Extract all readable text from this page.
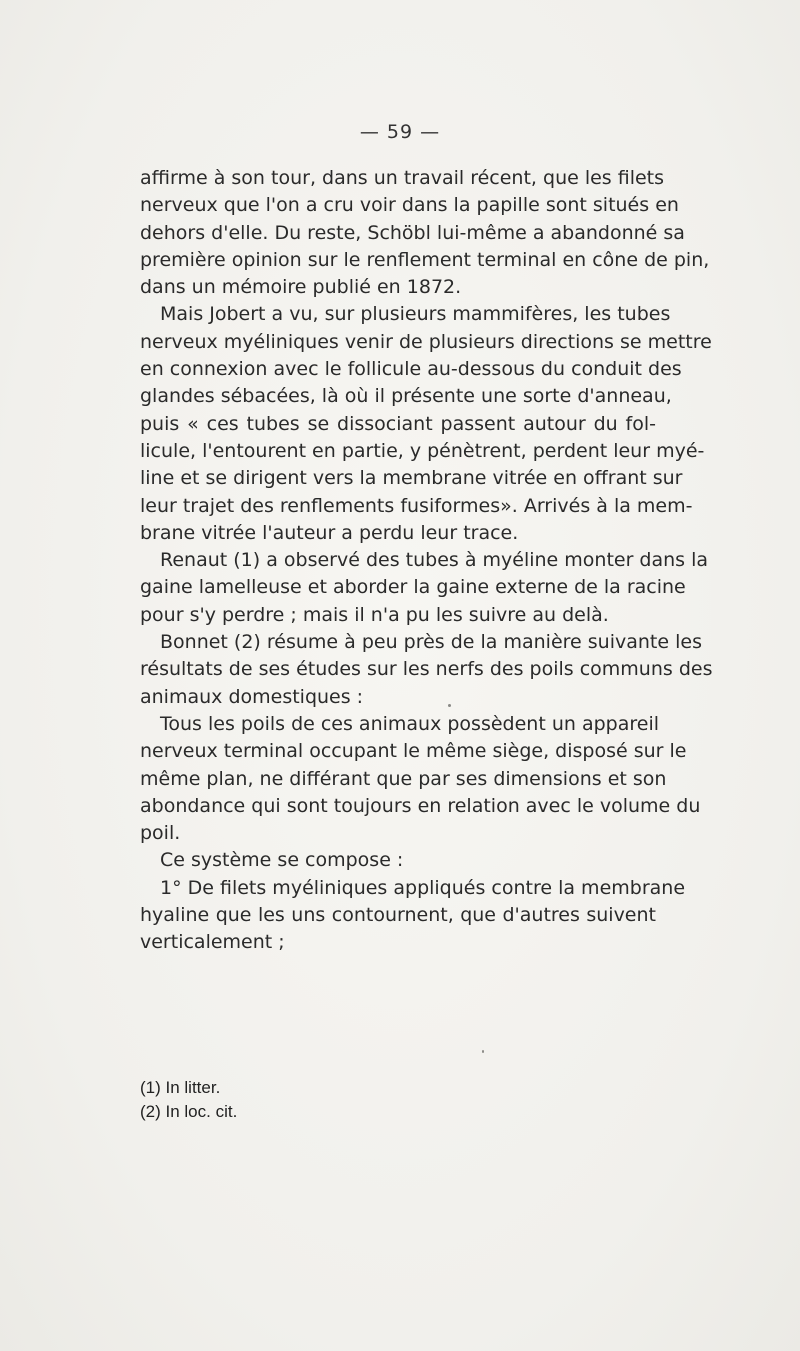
— 59 —
affirme à son tour, dans un travail récent, que les filets
nerveux que l'on a cru voir dans la papille sont situés en
dehors d'elle. Du reste, Schöbl lui-même a abandonné sa
première opinion sur le renflement terminal en cône de pin,
dans un mémoire publié en 1872.
Mais Jobert a vu, sur plusieurs mammifères, les tubes
nerveux myéliniques venir de plusieurs directions se mettre
en connexion avec le follicule au-dessous du conduit des
glandes sébacées, là où il présente une sorte d'anneau,
puis « ces tubes se dissociant passent autour du fol-
licule, l'entourent en partie, y pénètrent, perdent leur myé-
line et se dirigent vers la membrane vitrée en offrant sur
leur trajet des renflements fusiformes». Arrivés à la mem-
brane vitrée l'auteur a perdu leur trace.
Renaut (1) a observé des tubes à myéline monter dans la
gaine lamelleuse et aborder la gaine externe de la racine
pour s'y perdre ; mais il n'a pu les suivre au delà.
Bonnet (2) résume à peu près de la manière suivante les
résultats de ses études sur les nerfs des poils communs des
animaux domestiques :
Tous les poils de ces animaux possèdent un appareil
nerveux terminal occupant le même siège, disposé sur le
même plan, ne différant que par ses dimensions et son
abondance qui sont toujours en relation avec le volume du
poil.
Ce système se compose :
1° De filets myéliniques appliqués contre la membrane
hyaline que les uns contournent, que d'autres suivent
verticalement ;
(1) In litter.
(2) In loc. cit.
